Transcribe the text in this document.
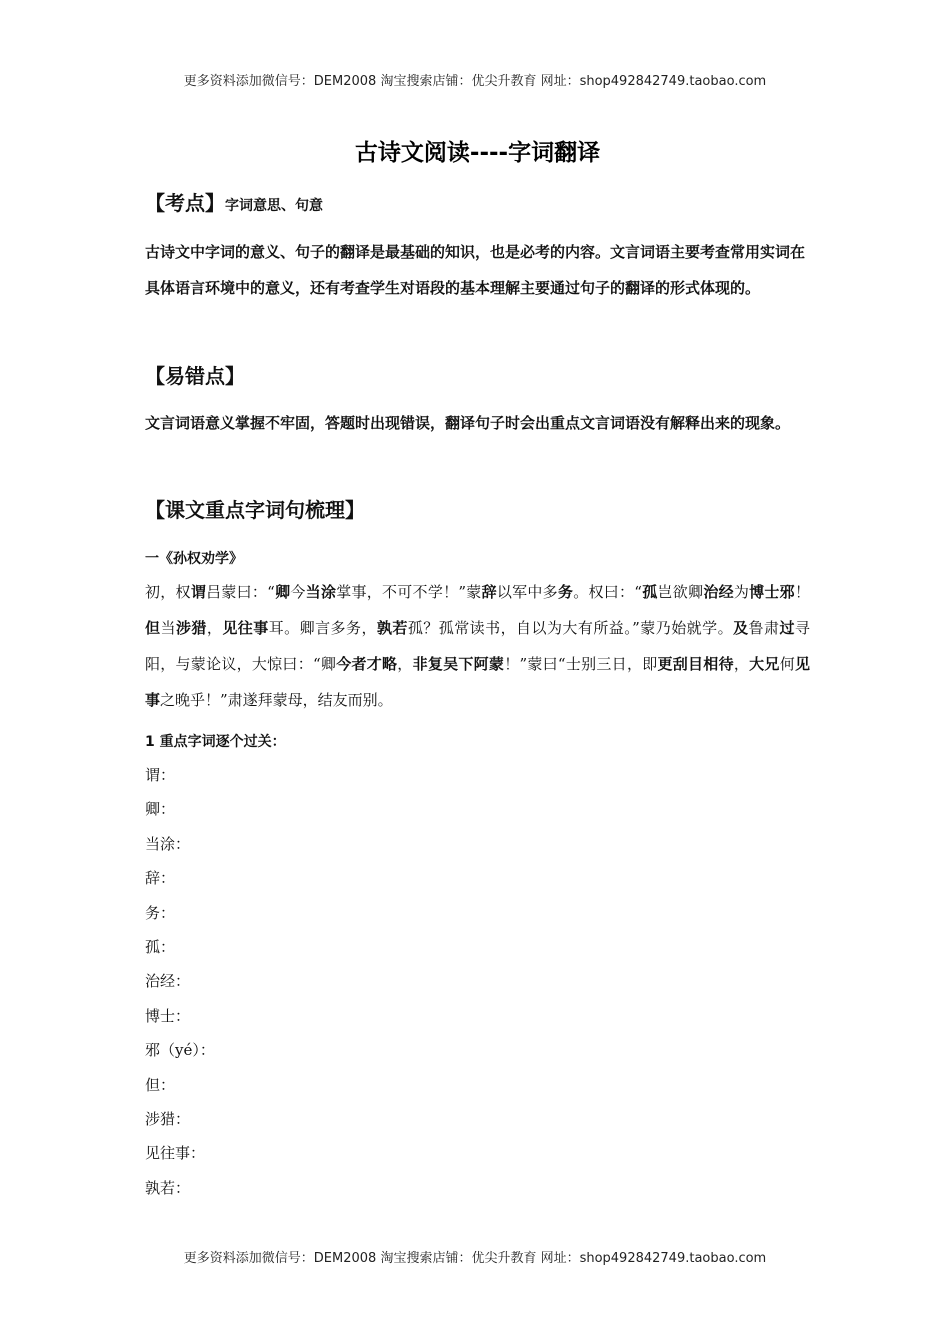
更多资料添加微信号：DEM2008 淘宝搜索店铺：优尖升教育 网址：shop492842749.taobao.com
古诗文阅读----字词翻译
【考点】字词意思、句意
古诗文中字词的意义、句子的翻译是最基础的知识，也是必考的内容。文言词语主要考查常用实词在具体语言环境中的意义，还有考查学生对语段的基本理解主要通过句子的翻译的形式体现的。
【易错点】
文言词语意义掌握不牢固，答题时出现错误，翻译句子时会出重点文言词语没有解释出来的现象。
【课文重点字词句梳理】
一《孙权劝学》
初，权谓吕蒙曰：“卿今当涂掌事，不可不学！”蒙辞以军中多务。权曰：“孤岂欲卿治经为博士邪！但当涉猎，见往事耳。卿言多务，孰若孤？孤常读书，自以为大有所益。”蒙乃始就学。及鲁肃过寻阳，与蒙论议，大惊曰：“卿今者才略，非复吴下阿蒙！”蒙曰“士别三日，即更刮目相待，大兄何见事之晚乎！”肃遂拜蒙母，结友而别。
1 重点字词逐个过关：
谓：
卿：
当涂：
辞：
务：
孤：
治经：
博士：
邪（yé）：
但：
涉猎：
见往事：
孰若：
更多资料添加微信号：DEM2008 淘宝搜索店铺：优尖升教育 网址：shop492842749.taobao.com
